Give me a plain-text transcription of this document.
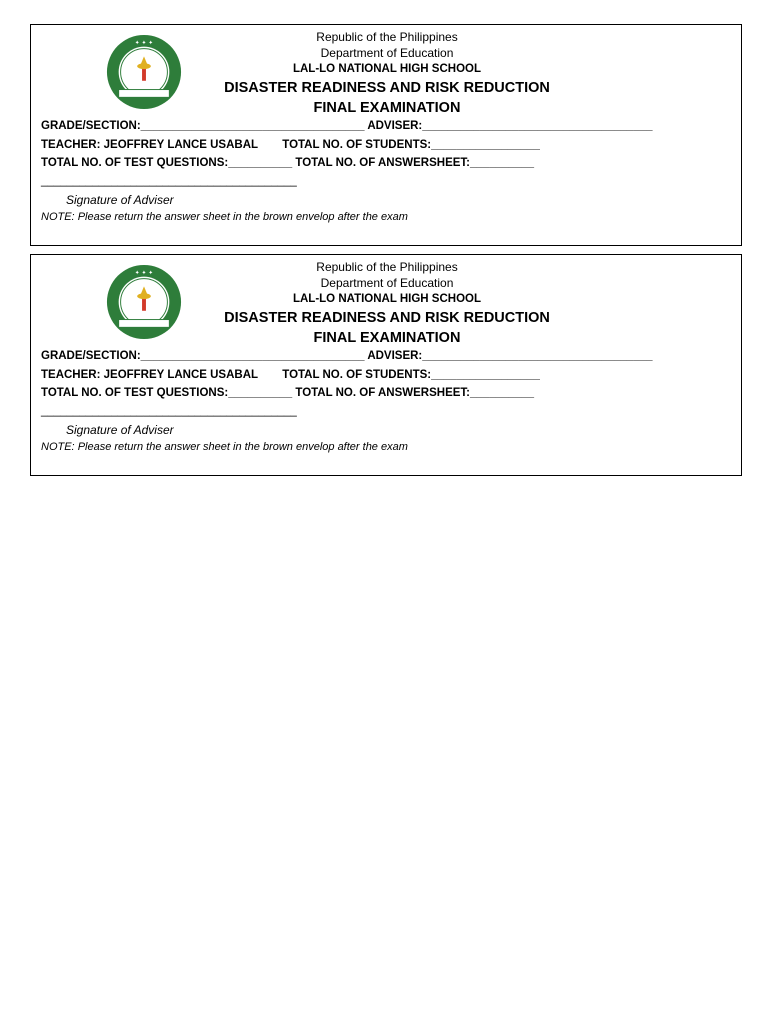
✦ ✦ ✦	Republic of the Philippines
Department of Education
LAL-LO NATIONAL HIGH SCHOOL
DISASTER READINESS AND RISK REDUCTION
FINAL EXAMINATION
GRADE/SECTION:___________________________________ ADVISER:____________________________________
TEACHER: JEOFFREY LANCE USABAL TOTAL NO. OF STUDENTS:_________________
TOTAL NO. OF TEST QUESTIONS:__________ TOTAL NO. OF ANSWERSHEET:__________
________________________________________
Signature of Adviser
NOTE: Please return the answer sheet in the brown envelop after the exam
✦ ✦ ✦	Republic of the Philippines
Department of Education
LAL-LO NATIONAL HIGH SCHOOL
DISASTER READINESS AND RISK REDUCTION
FINAL EXAMINATION
GRADE/SECTION:___________________________________ ADVISER:____________________________________
TEACHER: JEOFFREY LANCE USABAL TOTAL NO. OF STUDENTS:_________________
TOTAL NO. OF TEST QUESTIONS:__________ TOTAL NO. OF ANSWERSHEET:__________
________________________________________
Signature of Adviser
NOTE: Please return the answer sheet in the brown envelop after the exam
